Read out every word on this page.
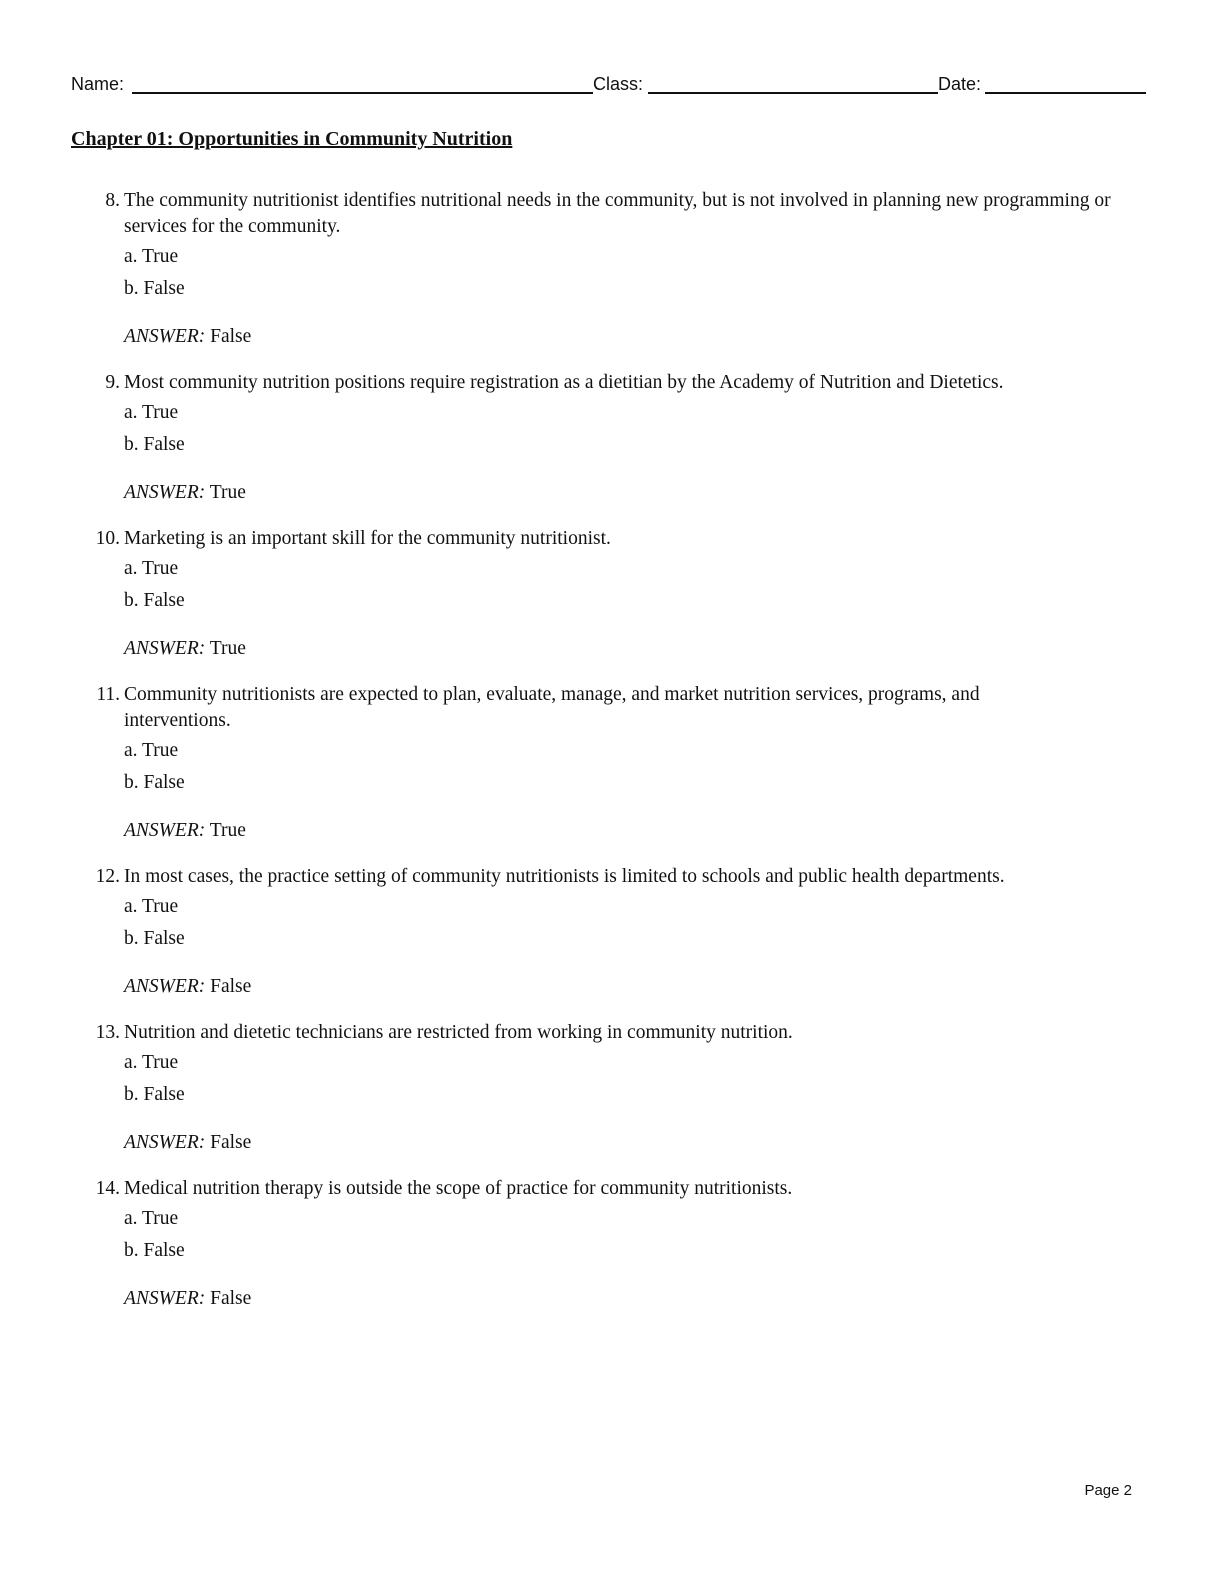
Name:	Class:	Date:
Chapter 01: Opportunities in Community Nutrition
8. The community nutritionist identifies nutritional needs in the community, but is not involved in planning new programming or services for the community.

a. True
b. False
ANSWER: False
9. Most community nutrition positions require registration as a dietitian by the Academy of Nutrition and Dietetics.

a. True
b. False
ANSWER: True
10. Marketing is an important skill for the community nutritionist.

a. True
b. False
ANSWER: True
11. Community nutritionists are expected to plan, evaluate, manage, and market nutrition services, programs, and interventions.

a. True
b. False
ANSWER: True
12. In most cases, the practice setting of community nutritionists is limited to schools and public health departments.

a. True
b. False
ANSWER: False
13. Nutrition and dietetic technicians are restricted from working in community nutrition.

a. True
b. False
ANSWER: False
14. Medical nutrition therapy is outside the scope of practice for community nutritionists.

a. True
b. False
ANSWER: False
Page 2
